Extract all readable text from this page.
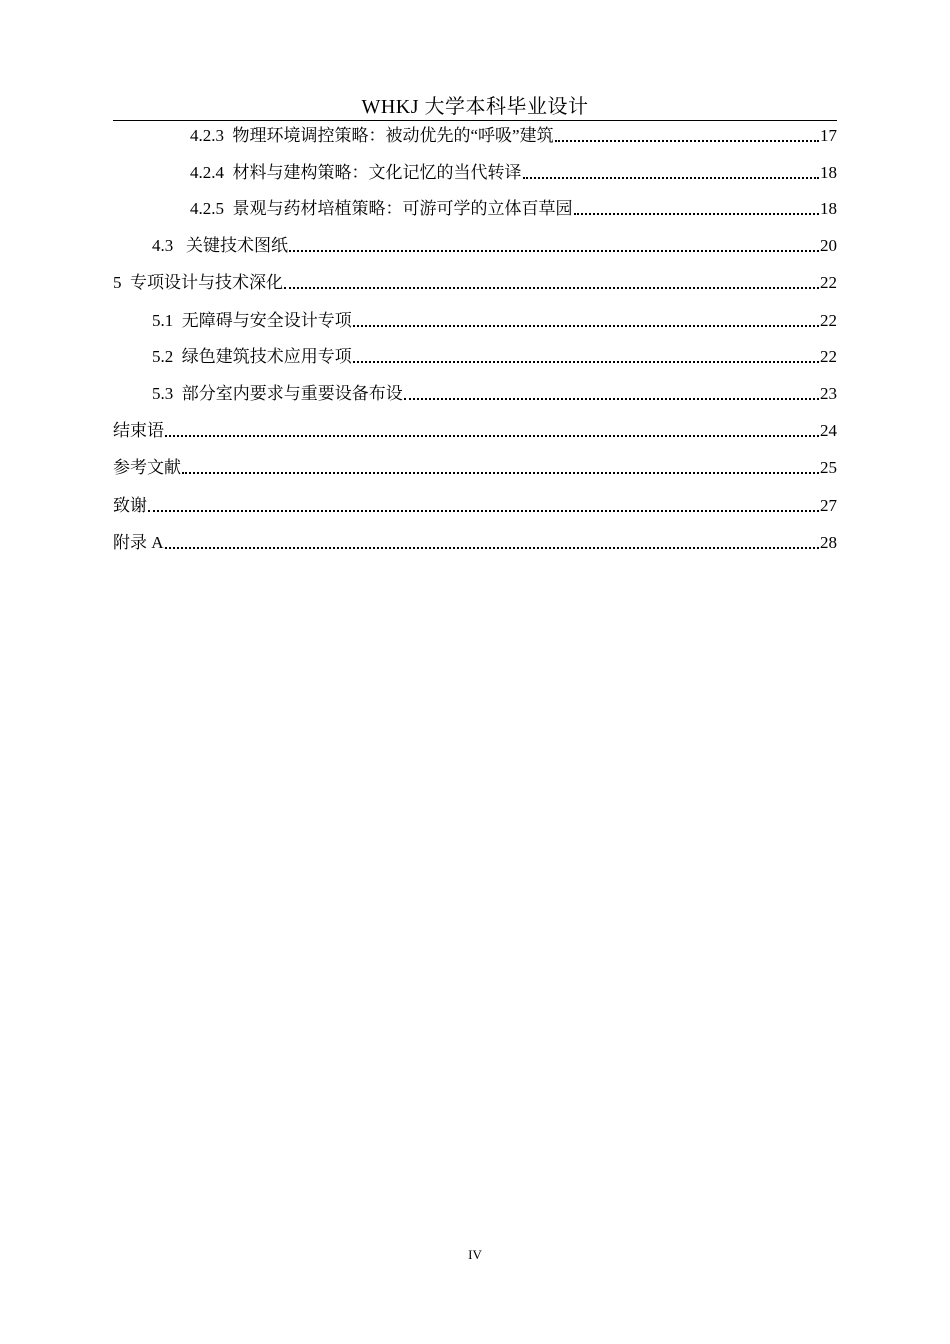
WHKJ 大学本科毕业设计
4.2.3 物理环境调控策略：被动优先的“呼吸”建筑	17
4.2.4 材料与建构策略：文化记忆的当代转译	18
4.2.5 景观与药材培植策略：可游可学的立体百草园	18
4.3 关键技术图纸	20
5 专项设计与技术深化	22
5.1 无障碍与安全设计专项	22
5.2 绿色建筑技术应用专项	22
5.3 部分室内要求与重要设备布设	23
结束语	24
参考文献	25
致谢	27
附录 A	28
IV
